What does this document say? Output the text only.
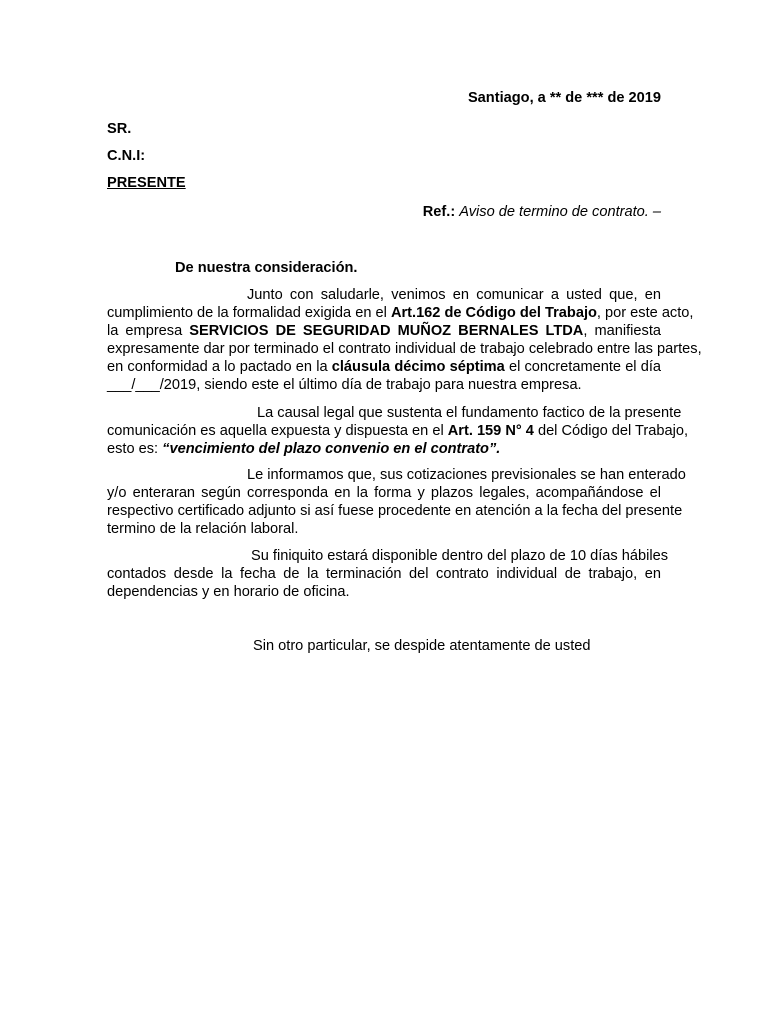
Santiago, a ** de *** de 2019
SR.
C.N.I:
PRESENTE
Ref.: Aviso de termino de contrato. –
De nuestra consideración.
Junto con saludarle, venimos en comunicar a usted que, en
cumplimiento de la formalidad exigida en el Art.162 de Código del Trabajo, por este acto,
la empresa SERVICIOS DE SEGURIDAD MUÑOZ BERNALES LTDA, manifiesta
expresamente dar por terminado el contrato individual de trabajo celebrado entre las partes,
en conformidad a lo pactado en la cláusula décimo séptima el concretamente el día
___/___/2019, siendo este el último día de trabajo para nuestra empresa.
La causal legal que sustenta el fundamento factico de la presente
comunicación es aquella expuesta y dispuesta en el Art. 159 N° 4 del Código del Trabajo,
esto es: “vencimiento del plazo convenio en el contrato”.
Le informamos que, sus cotizaciones previsionales se han enterado
y/o enteraran según corresponda en la forma y plazos legales, acompañándose el
respectivo certificado adjunto si así fuese procedente en atención a la fecha del presente
termino de la relación laboral.
Su finiquito estará disponible dentro del plazo de 10 días hábiles
contados desde la fecha de la terminación del contrato individual de trabajo, en
dependencias y en horario de oficina.
Sin otro particular, se despide atentamente de usted
